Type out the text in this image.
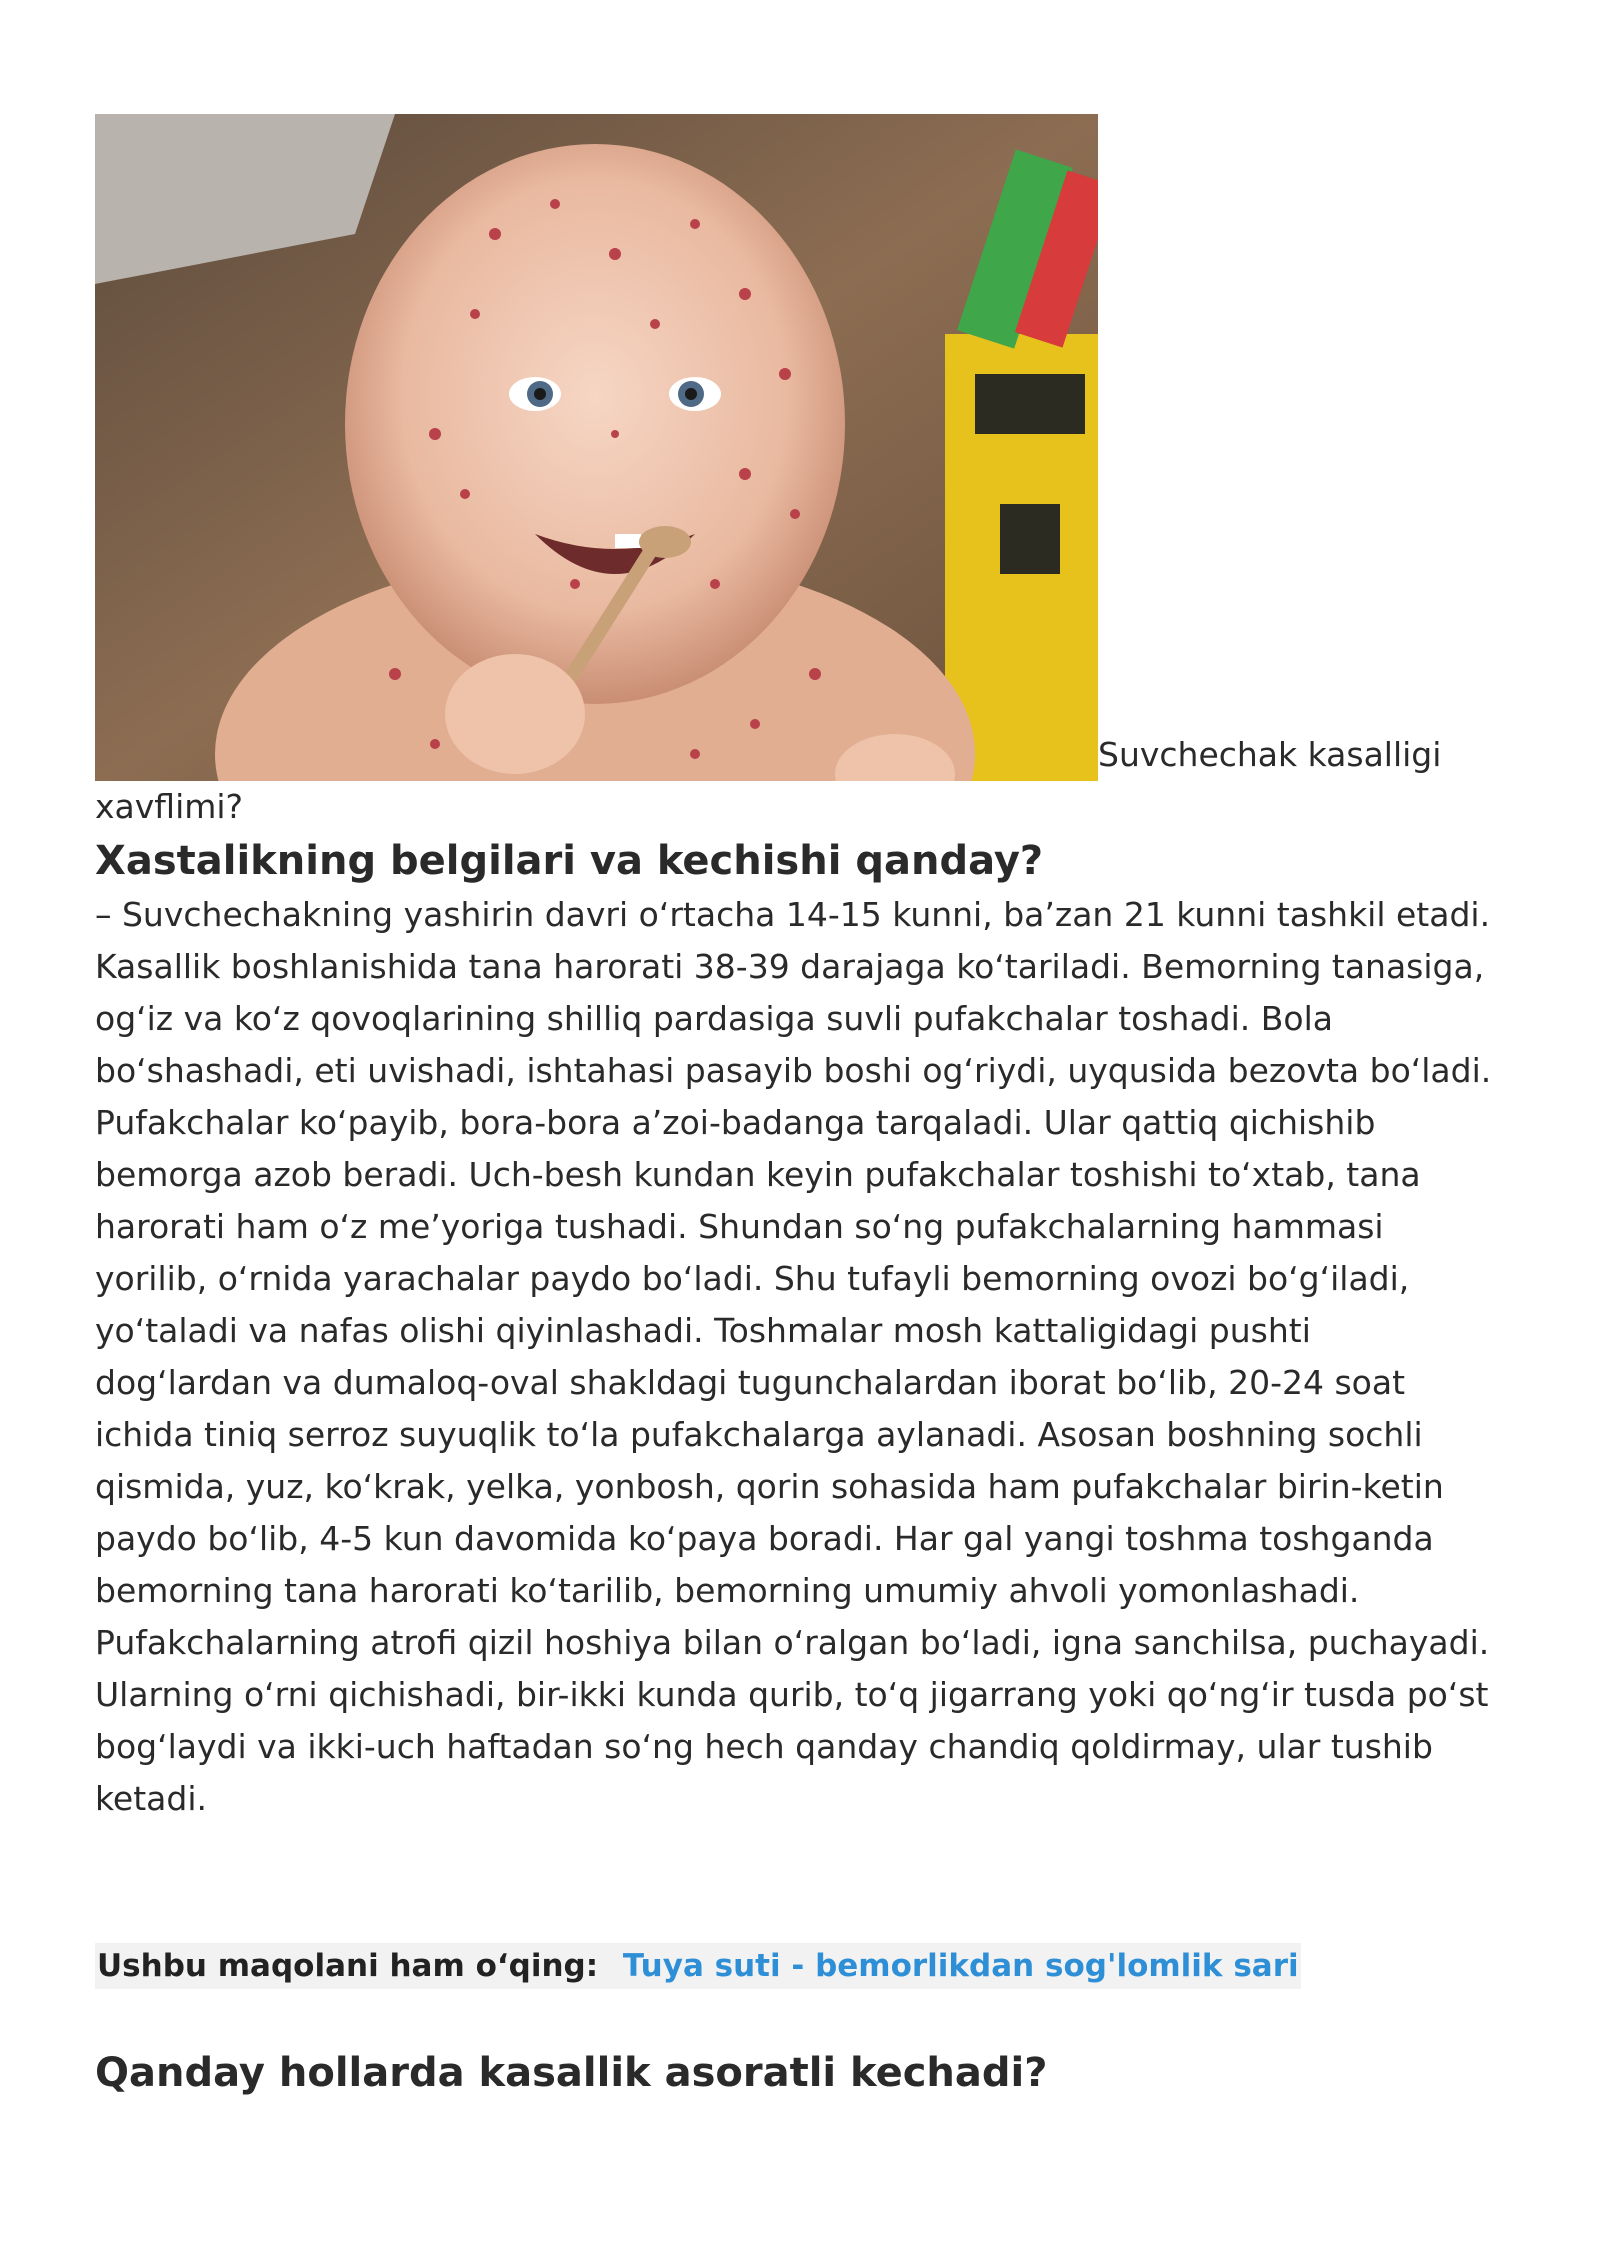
Suvchechak kasalligi
xavflimi?
Xastalikning belgilari va kechishi qanday?

– Suvchechakning yashirin davri oʻrtacha 14-15 kunni, baʼzan 21 kunni tashkil etadi. Kasallik boshlanishida tana harorati 38-39 darajaga koʻtariladi. Bemorning tanasiga, ogʻiz va koʻz qovoqlarining shilliq pardasiga suvli pufakchalar toshadi. Bola boʻshashadi, eti uvishadi, ishtahasi pasayib boshi ogʻriydi, uyqusida bezovta boʻladi. Pufakchalar koʻpayib, bora-bora aʼzoi-badanga tarqaladi. Ular qattiq qichishib bemorga azob beradi. Uch-besh kundan keyin pufakchalar toshishi toʻxtab, tana harorati ham oʻz meʼyoriga tushadi. Shundan soʻng pufakchalarning hammasi yorilib, oʻrnida yarachalar paydo boʻladi. Shu tufayli bemorning ovozi boʻgʻiladi, yoʻtaladi va nafas olishi qiyinlashadi. Toshmalar mosh kattaligidagi pushti dogʻlardan va dumaloq-oval shakldagi tugunchalardan iborat boʻlib, 20-24 soat ichida tiniq serroz suyuqlik toʻla pufakchalarga aylanadi. Asosan boshning sochli qismida, yuz, koʻkrak, yelka, yonbosh, qorin sohasida ham pufakchalar birin-ketin paydo boʻlib, 4-5 kun davomida koʻpaya boradi. Har gal yangi toshma toshganda bemorning tana harorati koʻtarilib, bemorning umumiy ahvoli yomonlashadi. Pufakchalarning atrofi qizil hoshiya bilan oʻralgan boʻladi, igna sanchilsa, puchayadi. Ularning oʻrni qichishadi, bir-ikki kunda qurib, toʻq jigarrang yoki qoʻngʻir tusda poʻst bogʻlaydi va ikki-uch haftadan soʻng hech qanday chandiq qoldirmay, ular tushib ketadi.

Ushbu maqolani ham oʻqing: Tuya suti - bemorlikdan sog'lomlik sari
Qanday hollarda kasallik asoratli kechadi?
